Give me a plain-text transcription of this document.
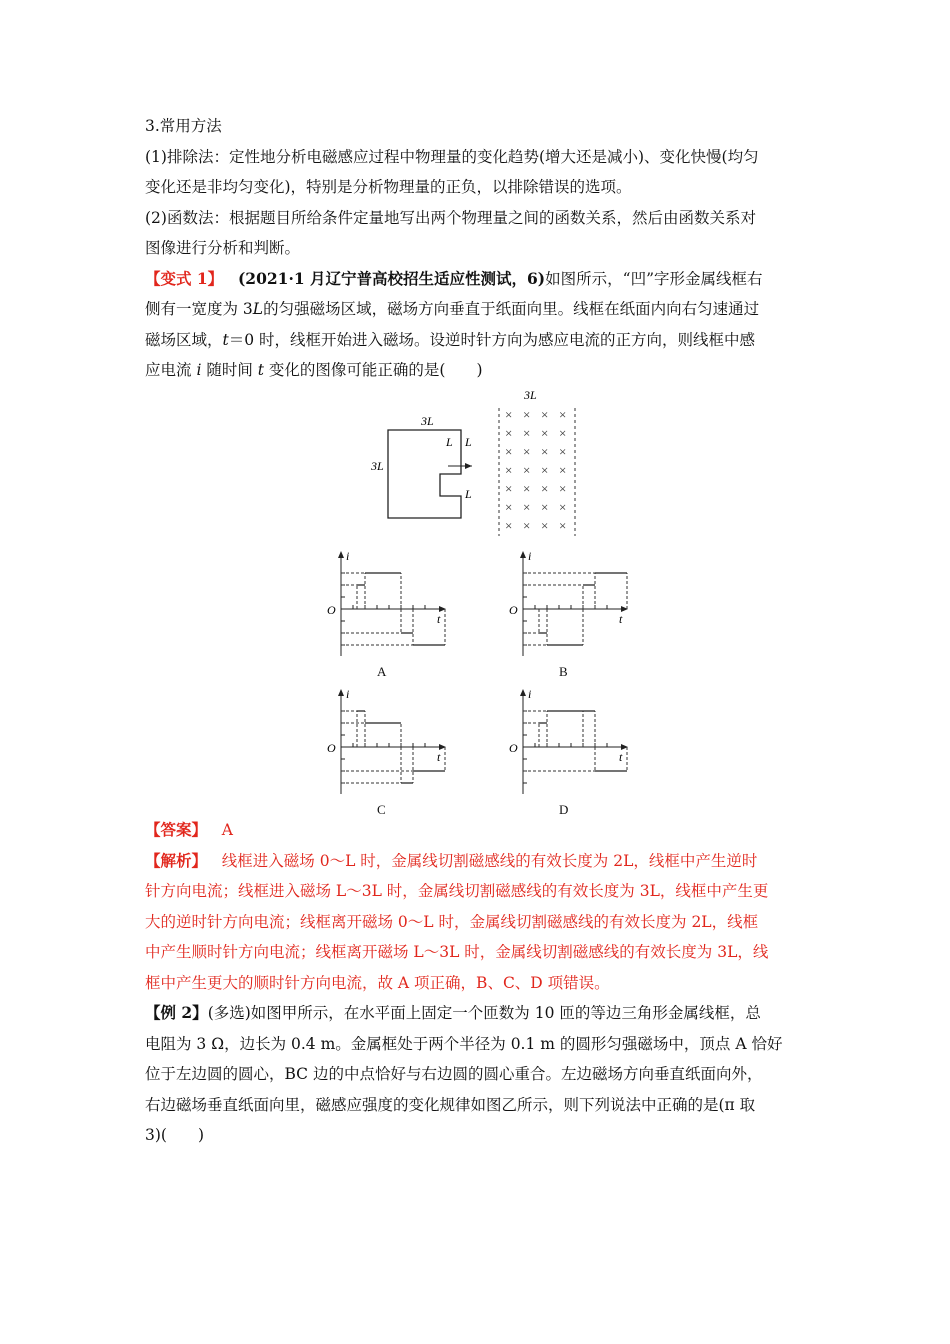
3.常用方法
(1)排除法：定性地分析电磁感应过程中物理量的变化趋势(增大还是减小)、变化快慢(均匀
变化还是非均匀变化)，特别是分析物理量的正负，以排除错误的选项。
(2)函数法：根据题目所给条件定量地写出两个物理量之间的函数关系，然后由函数关系对
图像进行分析和判断。
【变式 1】 (2021·1 月辽宁普高校招生适应性测试，6)如图所示，“凹”字形金属线框右
侧有一宽度为 3L的匀强磁场区域，磁场方向垂直于纸面向里。线框在纸面内向右匀速通过
磁场区域，t＝0 时，线框开始进入磁场。设逆时针方向为感应电流的正方向，则线框中感
应电流 i 随时间 t 变化的图像可能正确的是(　　)
3L
3L
L L
L
3L
× × × ×
× × × ×
× × × ×
× × × ×
× × × ×
× × × ×
× × × ×
i
t
O
A
i
t
O
B
i
t
O
C
i
t
O
D
【答案】 A
【解析】 线框进入磁场 0～L 时，金属线切割磁感线的有效长度为 2L，线框中产生逆时
针方向电流；线框进入磁场 L～3L 时，金属线切割磁感线的有效长度为 3L，线框中产生更
大的逆时针方向电流；线框离开磁场 0～L 时，金属线切割磁感线的有效长度为 2L，线框
中产生顺时针方向电流；线框离开磁场 L～3L 时，金属线切割磁感线的有效长度为 3L，线
框中产生更大的顺时针方向电流，故 A 项正确，B、C、D 项错误。
【例 2】(多选)如图甲所示，在水平面上固定一个匝数为 10 匝的等边三角形金属线框，总
电阻为 3 Ω，边长为 0.4 m。金属框处于两个半径为 0.1 m 的圆形匀强磁场中，顶点 A 恰好
位于左边圆的圆心，BC 边的中点恰好与右边圆的圆心重合。左边磁场方向垂直纸面向外，
右边磁场垂直纸面向里，磁感应强度的变化规律如图乙所示，则下列说法中正确的是(π 取
3)(　　)
